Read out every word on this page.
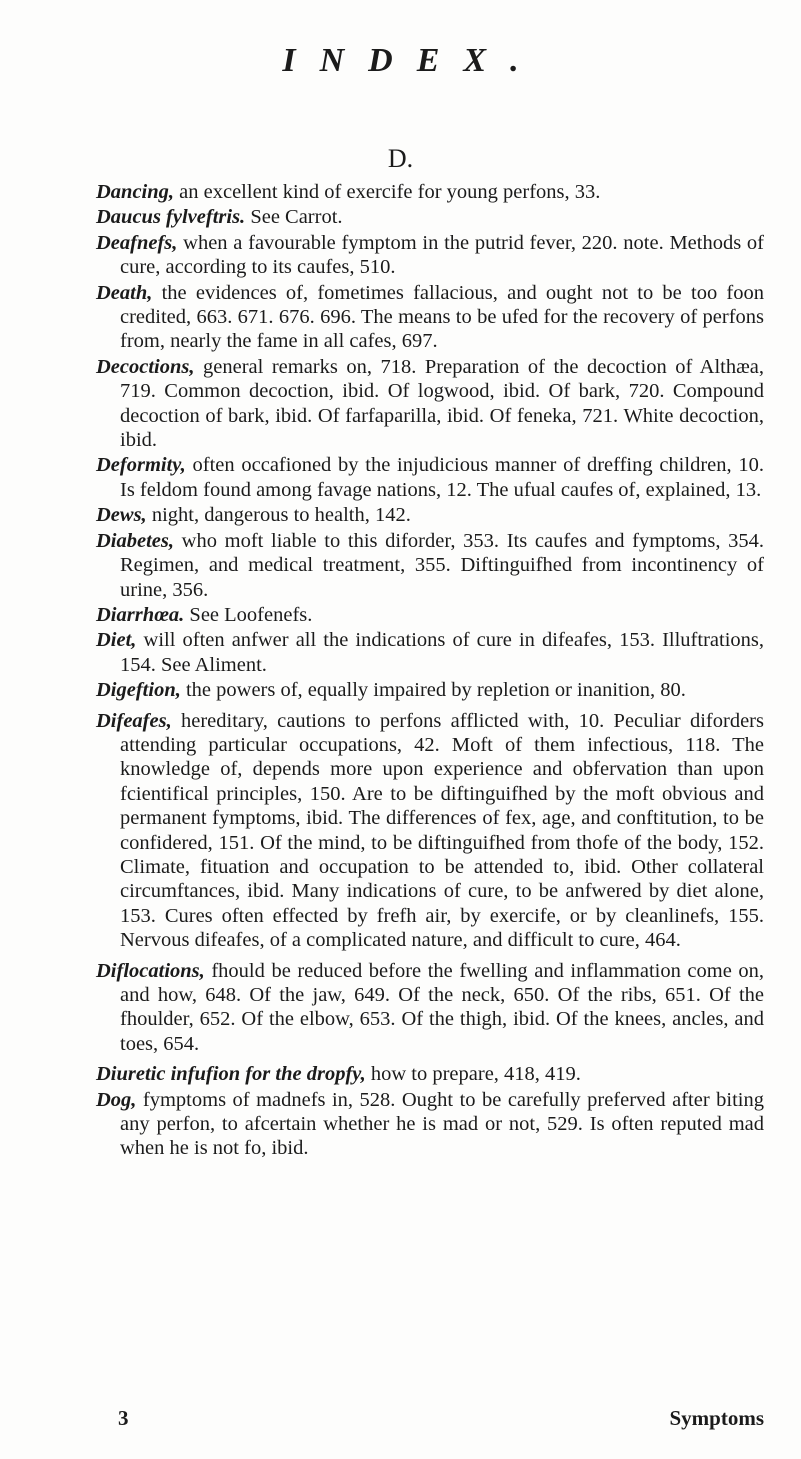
INDEX.
D.

Dancing, an excellent kind of exercife for young perfons, 33.

Daucus fylveftris. See Carrot.

Deafnefs, when a favourable fymptom in the putrid fever, 220. note. Methods of cure, according to its caufes, 510.

Death, the evidences of, fometimes fallacious, and ought not to be too foon credited, 663. 671. 676. 696. The means to be ufed for the recovery of perfons from, nearly the fame in all cafes, 697.

Decoctions, general remarks on, 718. Preparation of the decoction of Althæa, 719. Common decoction, ibid. Of logwood, ibid. Of bark, 720. Compound decoction of bark, ibid. Of farfaparilla, ibid. Of feneka, 721. White decoction, ibid.

Deformity, often occafioned by the injudicious manner of dreffing children, 10. Is feldom found among favage nations, 12. The ufual caufes of, explained, 13.

Dews, night, dangerous to health, 142.

Diabetes, who moft liable to this diforder, 353. Its caufes and fymptoms, 354. Regimen, and medical treatment, 355. Diftinguifhed from incontinency of urine, 356.

Diarrhœa. See Loofenefs.

Diet, will often anfwer all the indications of cure in difeafes, 153. Illuftrations, 154. See Aliment.

Digeftion, the powers of, equally impaired by repletion or inanition, 80.

Difeafes, hereditary, cautions to perfons afflicted with, 10. Peculiar diforders attending particular occupations, 42. Moft of them infectious, 118. The knowledge of, depends more upon experience and obfervation than upon fcientifical principles, 150. Are to be diftinguifhed by the moft obvious and permanent fymptoms, ibid. The differences of fex, age, and conftitution, to be confidered, 151. Of the mind, to be diftinguifhed from thofe of the body, 152. Climate, fituation and occupation to be attended to, ibid. Other collateral circumftances, ibid. Many indications of cure, to be anfwered by diet alone, 153. Cures often effected by frefh air, by exercife, or by cleanlinefs, 155. Nervous difeafes, of a complicated nature, and difficult to cure, 464.

Diflocations, fhould be reduced before the fwelling and inflammation come on, and how, 648. Of the jaw, 649. Of the neck, 650. Of the ribs, 651. Of the fhoulder, 652. Of the elbow, 653. Of the thigh, ibid. Of the knees, ancles, and toes, 654.

Diuretic infufion for the dropfy, how to prepare, 418, 419.

Dog, fymptoms of madnefs in, 528. Ought to be carefully preferved after biting any perfon, to afcertain whether he is mad or not, 529. Is often reputed mad when he is not fo, ibid.

3	Symptoms
